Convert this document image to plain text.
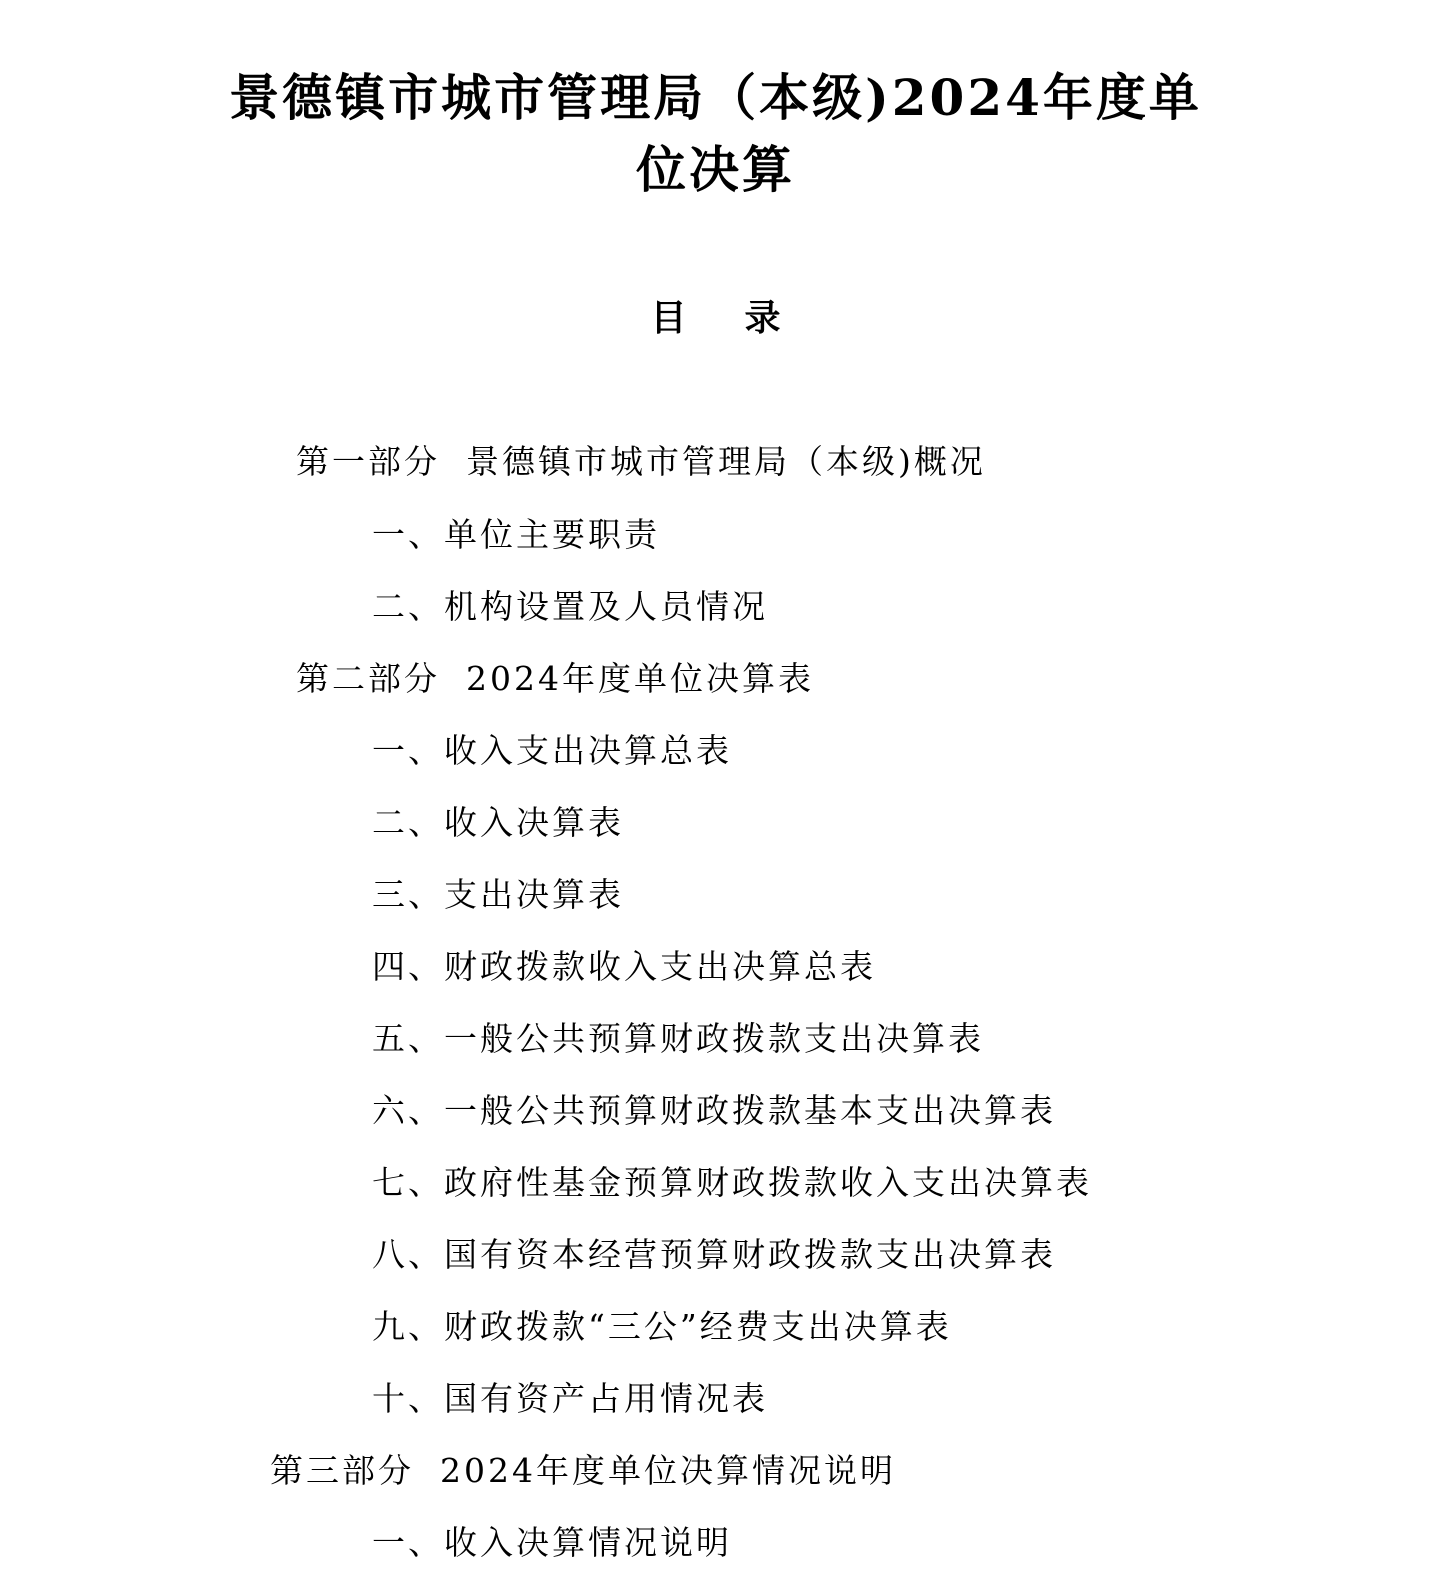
景德镇市城市管理局（本级)2024年度单
位决算
目录

第一部分 景德镇市城市管理局（本级)概况

一、单位主要职责

二、机构设置及人员情况

第二部分 2024年度单位决算表

一、收入支出决算总表

二、收入决算表

三、支出决算表

四、财政拨款收入支出决算总表

五、一般公共预算财政拨款支出决算表

六、一般公共预算财政拨款基本支出决算表

七、政府性基金预算财政拨款收入支出决算表

八、国有资本经营预算财政拨款支出决算表

九、财政拨款“三公”经费支出决算表

十、国有资产占用情况表

第三部分 2024年度单位决算情况说明

一、收入决算情况说明
